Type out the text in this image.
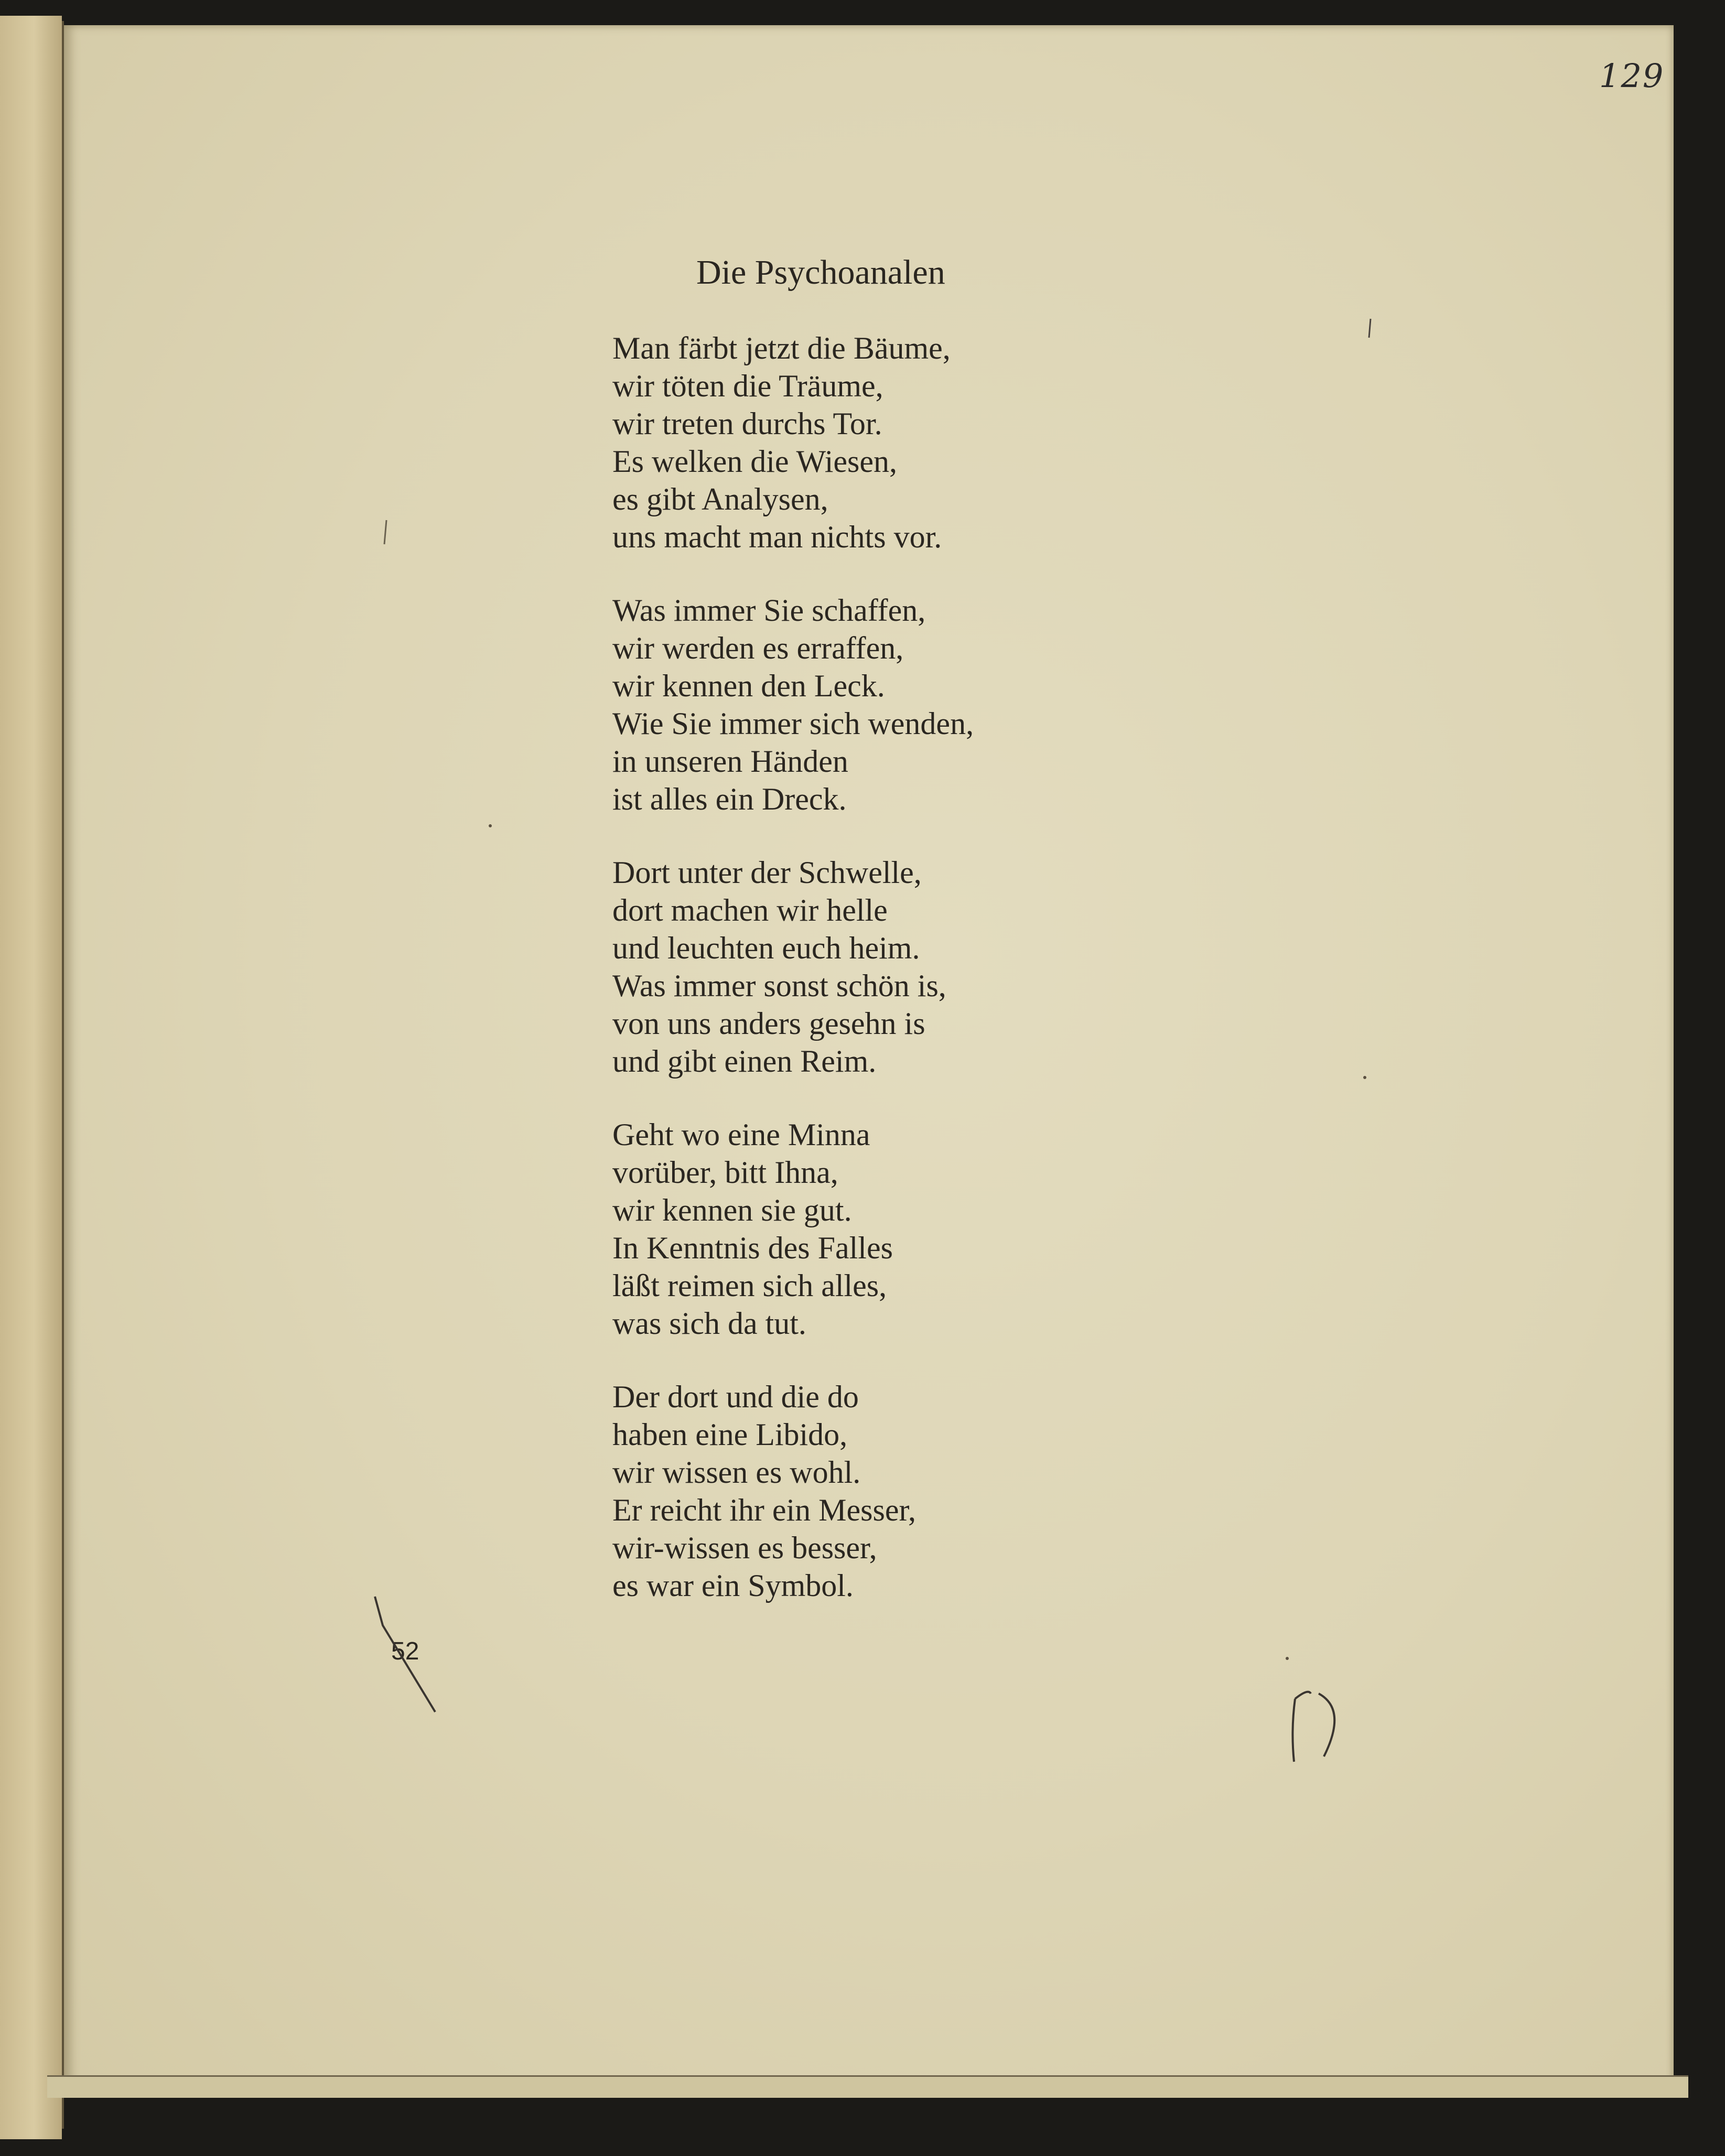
129
Die Psychoanalen
Man färbt jetzt die Bäume,
wir töten die Träume,
wir treten durchs Tor.
Es welken die Wiesen,
es gibt Analysen,
uns macht man nichts vor.
Was immer Sie schaffen,
wir werden es erraffen,
wir kennen den Leck.
Wie Sie immer sich wenden,
in unseren Händen
ist alles ein Dreck.
Dort unter der Schwelle,
dort machen wir helle
und leuchten euch heim.
Was immer sonst schön is,
von uns anders gesehn is
und gibt einen Reim.
Geht wo eine Minna
vorüber, bitt Ihna,
wir kennen sie gut.
In Kenntnis des Falles
läßt reimen sich alles,
was sich da tut.
Der dort und die do
haben eine Libido,
wir wissen es wohl.
Er reicht ihr ein Messer,
wir-wissen es besser,
es war ein Symbol.
52
